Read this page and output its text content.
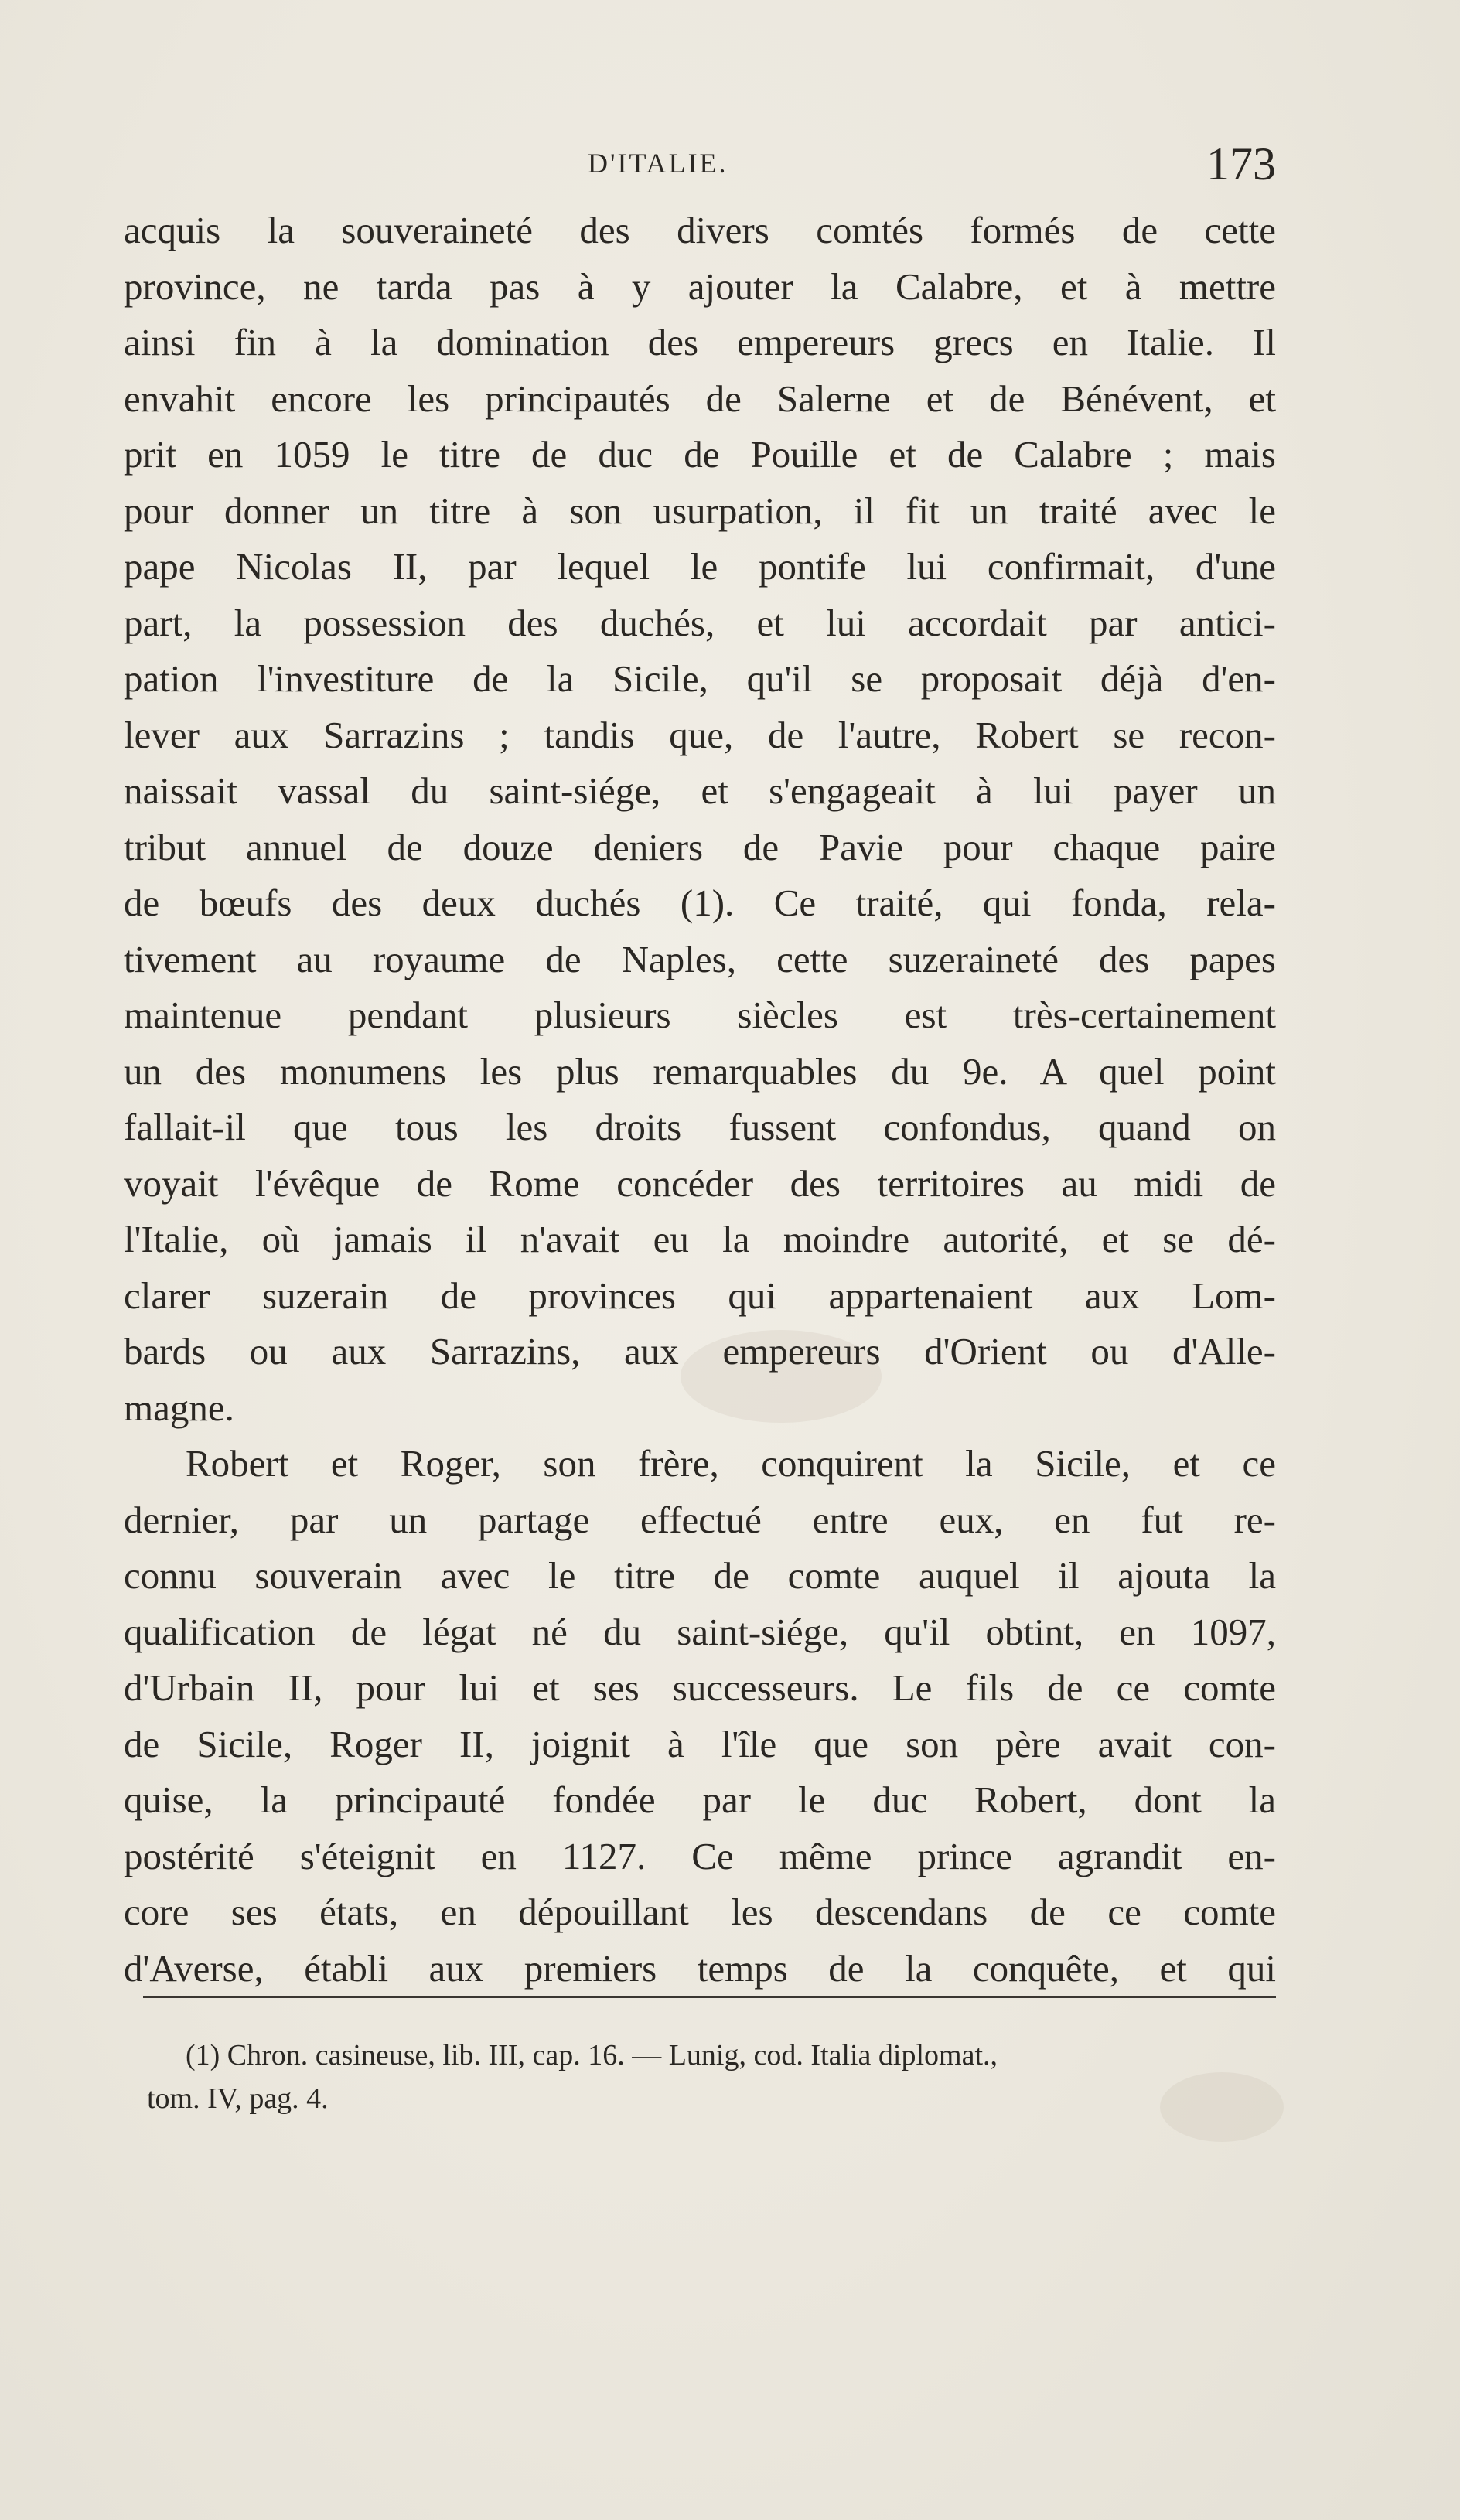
D'ITALIE.	173
acquis la souveraineté des divers comtés formés de cette
province, ne tarda pas à y ajouter la Calabre, et à mettre
ainsi fin à la domination des empereurs grecs en Italie. Il
envahit encore les principautés de Salerne et de Bénévent, et
prit en 1059 le titre de duc de Pouille et de Calabre ; mais
pour donner un titre à son usurpation, il fit un traité avec le
pape Nicolas II, par lequel le pontife lui confirmait, d'une
part, la possession des duchés, et lui accordait par antici-
pation l'investiture de la Sicile, qu'il se proposait déjà d'en-
lever aux Sarrazins ; tandis que, de l'autre, Robert se recon-
naissait vassal du saint-siége, et s'engageait à lui payer un
tribut annuel de douze deniers de Pavie pour chaque paire
de bœufs des deux duchés (1). Ce traité, qui fonda, rela-
tivement au royaume de Naples, cette suzeraineté des papes
maintenue pendant plusieurs siècles est très-certainement
un des monumens les plus remarquables du 9e. A quel point
fallait-il que tous les droits fussent confondus, quand on
voyait l'évêque de Rome concéder des territoires au midi de
l'Italie, où jamais il n'avait eu la moindre autorité, et se dé-
clarer suzerain de provinces qui appartenaient aux Lom-
bards ou aux Sarrazins, aux empereurs d'Orient ou d'Alle-
magne.
Robert et Roger, son frère, conquirent la Sicile, et ce
dernier, par un partage effectué entre eux, en fut re-
connu souverain avec le titre de comte auquel il ajouta la
qualification de légat né du saint-siége, qu'il obtint, en 1097,
d'Urbain II, pour lui et ses successeurs. Le fils de ce comte
de Sicile, Roger II, joignit à l'île que son père avait con-
quise, la principauté fondée par le duc Robert, dont la
postérité s'éteignit en 1127. Ce même prince agrandit en-
core ses états, en dépouillant les descendans de ce comte
d'Averse, établi aux premiers temps de la conquête, et qui
(1) Chron. casineuse, lib. III, cap. 16. — Lunig, cod. Italia diplomat.,
tom. IV, pag. 4.
